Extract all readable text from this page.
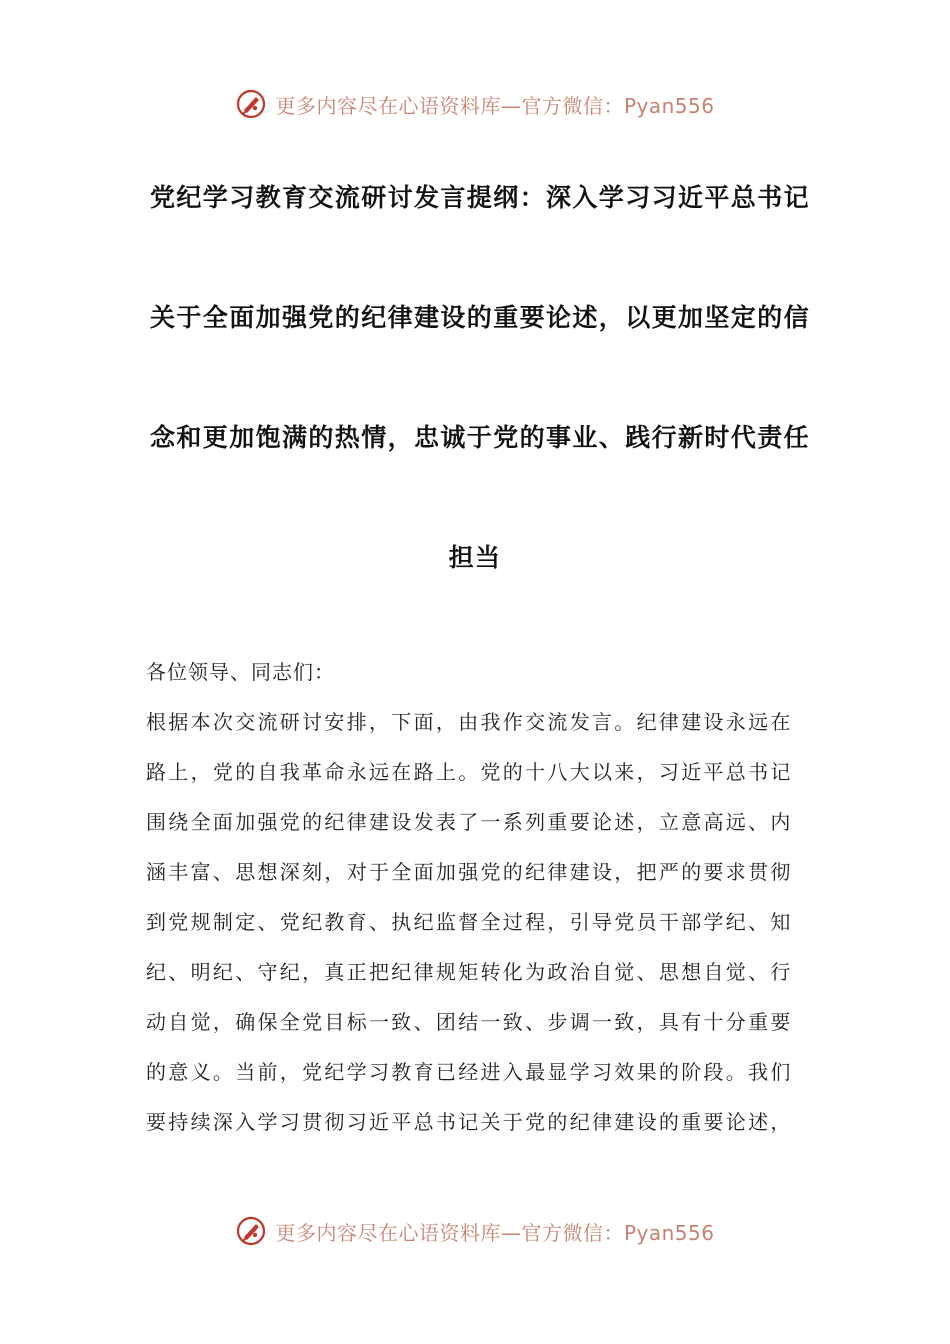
更多内容尽在心语资料库—官方微信：Pyan556
党纪学习教育交流研讨发言提纲：深入学习习近平总书记
关于全面加强党的纪律建设的重要论述，以更加坚定的信
念和更加饱满的热情，忠诚于党的事业、践行新时代责任
担当
各位领导、同志们：
根据本次交流研讨安排，下面，由我作交流发言。纪律建设永远在
路上，党的自我革命永远在路上。党的十八大以来，习近平总书记
围绕全面加强党的纪律建设发表了一系列重要论述，立意高远、内
涵丰富、思想深刻，对于全面加强党的纪律建设，把严的要求贯彻
到党规制定、党纪教育、执纪监督全过程，引导党员干部学纪、知
纪、明纪、守纪，真正把纪律规矩转化为政治自觉、思想自觉、行
动自觉，确保全党目标一致、团结一致、步调一致，具有十分重要
的意义。当前，党纪学习教育已经进入最显学习效果的阶段。我们
要持续深入学习贯彻习近平总书记关于党的纪律建设的重要论述，
更多内容尽在心语资料库—官方微信：Pyan556
